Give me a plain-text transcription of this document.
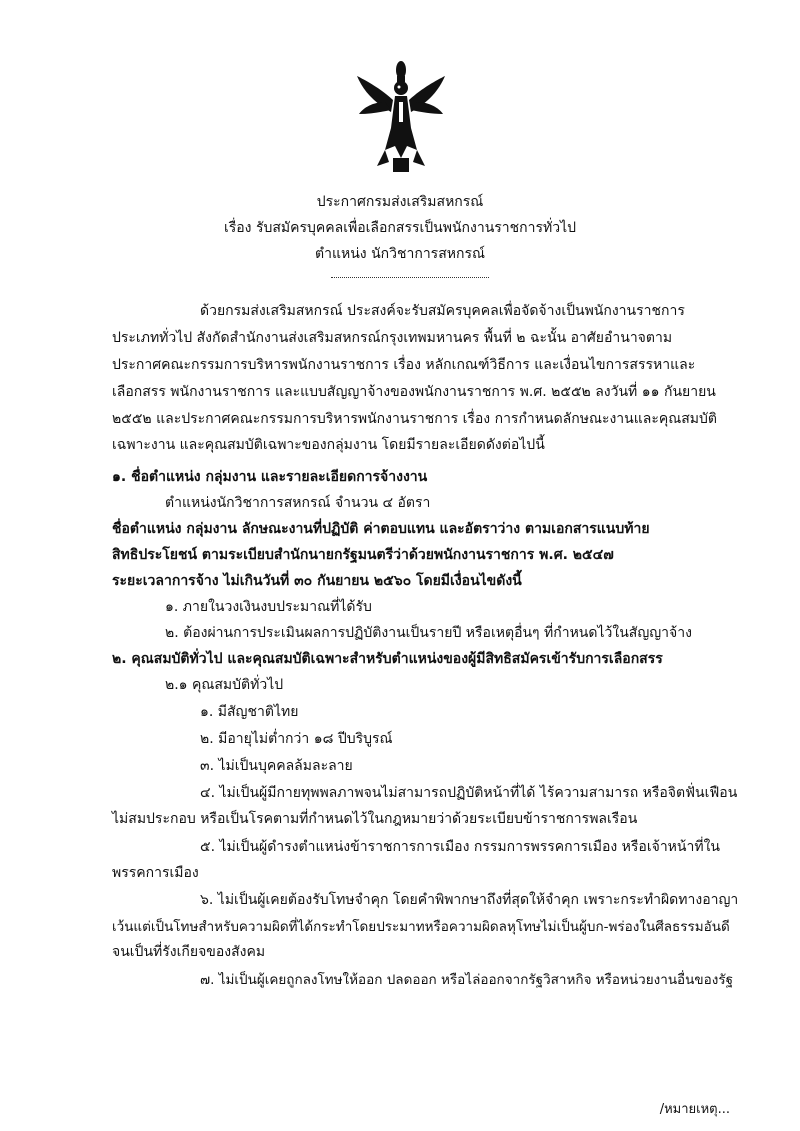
ประกาศกรมส่งเสริมสหกรณ์
เรื่อง รับสมัครบุคคลเพื่อเลือกสรรเป็นพนักงานราชการทั่วไป
ตำแหน่ง นักวิชาการสหกรณ์
ด้วยกรมส่งเสริมสหกรณ์ ประสงค์จะรับสมัครบุคคลเพื่อจัดจ้างเป็นพนักงานราชการ
ประเภททั่วไป สังกัดสำนักงานส่งเสริมสหกรณ์กรุงเทพมหานคร พื้นที่ ๒ ฉะนั้น อาศัยอำนาจตาม
ประกาศคณะกรรมการบริหารพนักงานราชการ เรื่อง หลักเกณฑ์วิธีการ และเงื่อนไขการสรรหาและ
เลือกสรร พนักงานราชการ และแบบสัญญาจ้างของพนักงานราชการ พ.ศ. ๒๕๕๒ ลงวันที่ ๑๑ กันยายน
๒๕๕๒ และประกาศคณะกรรมการบริหารพนักงานราชการ เรื่อง การกำหนดลักษณะงานและคุณสมบัติ
เฉพาะงาน และคุณสมบัติเฉพาะของกลุ่มงาน โดยมีรายละเอียดดังต่อไปนี้
๑. ชื่อตำแหน่ง กลุ่มงาน และรายละเอียดการจ้างงาน
ตำแหน่งนักวิชาการสหกรณ์ จำนวน ๔ อัตรา
ชื่อตำแหน่ง กลุ่มงาน ลักษณะงานที่ปฏิบัติ ค่าตอบแทน และอัตราว่าง ตามเอกสารแนบท้าย
สิทธิประโยชน์ ตามระเบียบสำนักนายกรัฐมนตรีว่าด้วยพนักงานราชการ พ.ศ. ๒๕๔๗
ระยะเวลาการจ้าง ไม่เกินวันที่ ๓๐ กันยายน ๒๕๖๐ โดยมีเงื่อนไขดังนี้
๑. ภายในวงเงินงบประมาณที่ได้รับ
๒. ต้องผ่านการประเมินผลการปฏิบัติงานเป็นรายปี หรือเหตุอื่นๆ ที่กำหนดไว้ในสัญญาจ้าง
๒. คุณสมบัติทั่วไป และคุณสมบัติเฉพาะสำหรับตำแหน่งของผู้มีสิทธิสมัครเข้ารับการเลือกสรร
๒.๑ คุณสมบัติทั่วไป
๑. มีสัญชาติไทย
๒. มีอายุไม่ต่ำกว่า ๑๘ ปีบริบูรณ์
๓. ไม่เป็นบุคคลล้มละลาย
๔. ไม่เป็นผู้มีกายทุพพลภาพจนไม่สามารถปฏิบัติหน้าที่ได้ ไร้ความสามารถ หรือจิตฟั่นเฟือน
ไม่สมประกอบ หรือเป็นโรคตามที่กำหนดไว้ในกฎหมายว่าด้วยระเบียบข้าราชการพลเรือน
๕. ไม่เป็นผู้ดำรงตำแหน่งข้าราชการการเมือง กรรมการพรรคการเมือง หรือเจ้าหน้าที่ใน
พรรคการเมือง
๖. ไม่เป็นผู้เคยต้องรับโทษจำคุก โดยคำพิพากษาถึงที่สุดให้จำคุก เพราะกระทำผิดทางอาญา
เว้นแต่เป็นโทษสำหรับความผิดที่ได้กระทำโดยประมาทหรือความผิดลหุโทษไม่เป็นผู้บก-พร่องในศีลธรรมอันดี
จนเป็นที่รังเกียจของสังคม
๗. ไม่เป็นผู้เคยถูกลงโทษให้ออก ปลดออก หรือไล่ออกจากรัฐวิสาหกิจ หรือหน่วยงานอื่นของรัฐ
/หมายเหตุ...
